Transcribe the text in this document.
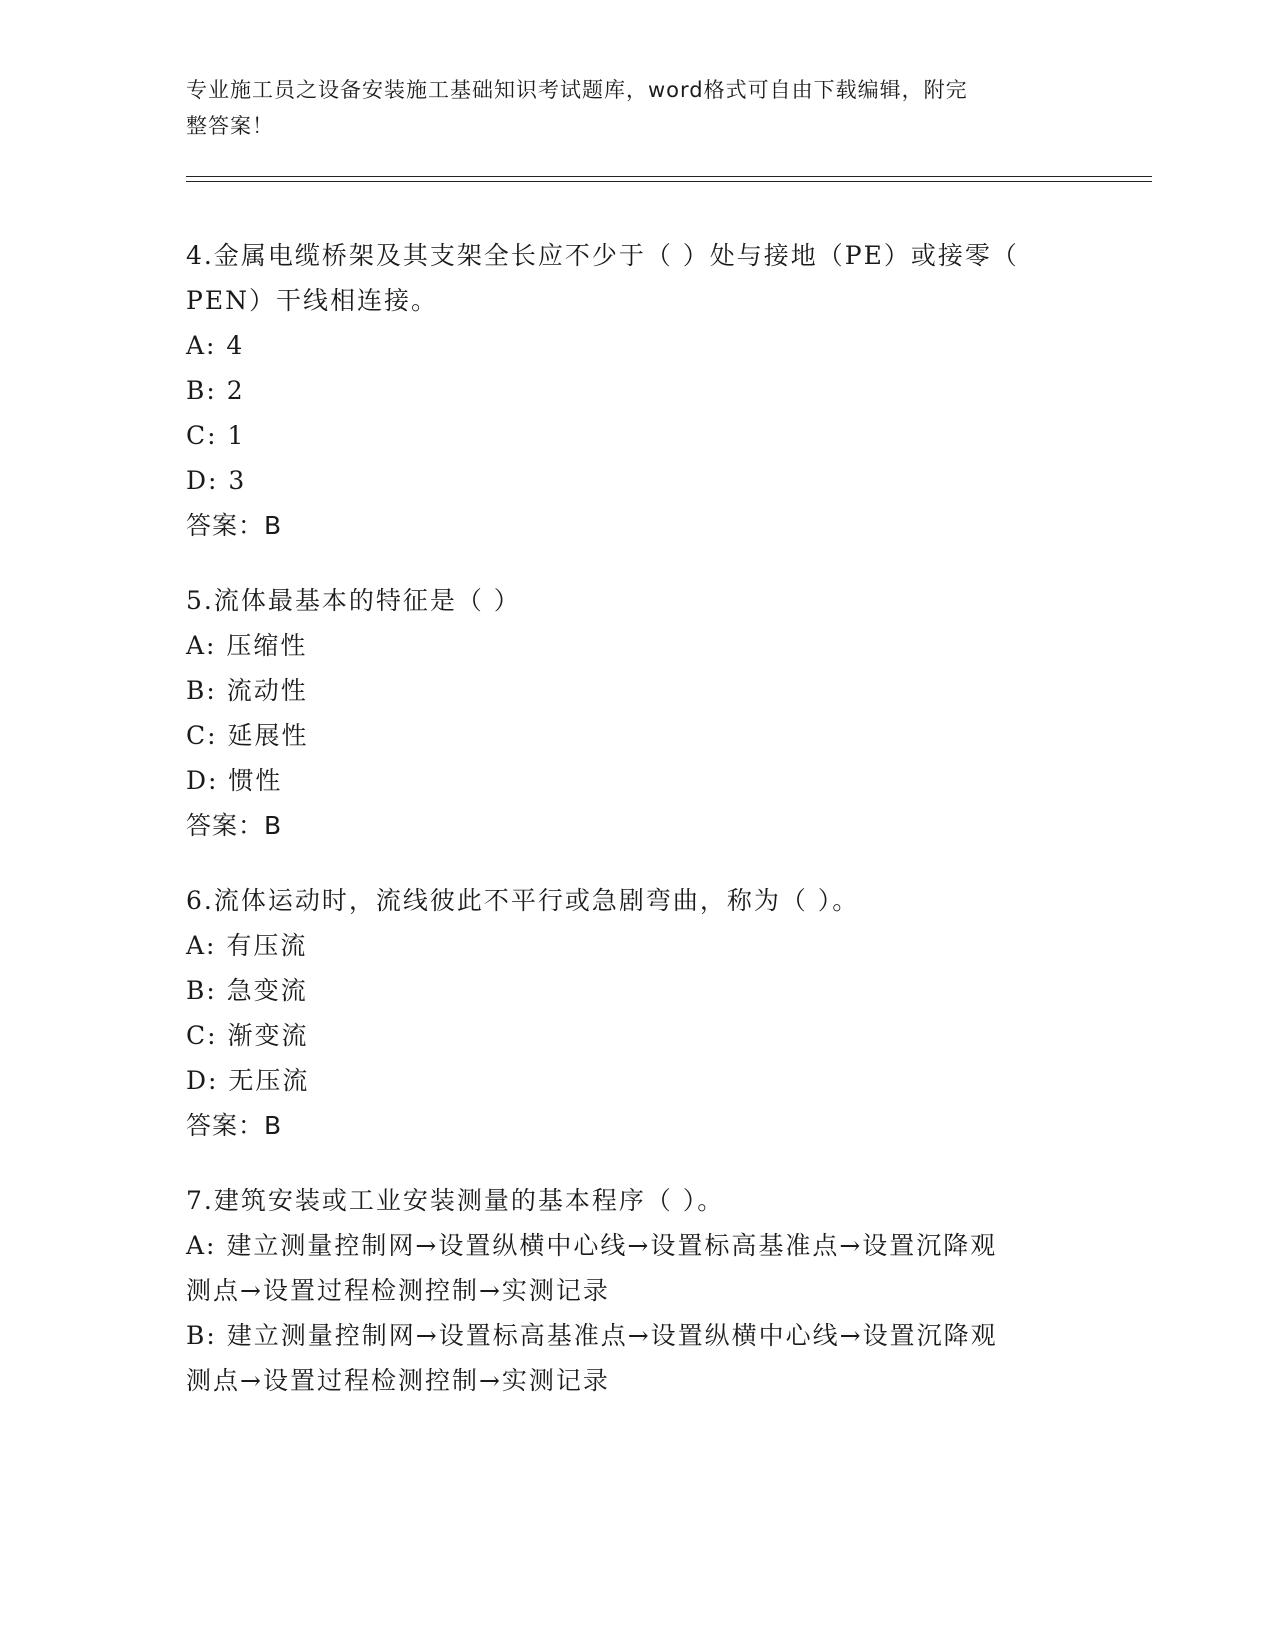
专业施工员之设备安装施工基础知识考试题库，word格式可自由下载编辑，附完
整答案！
4.金属电缆桥架及其支架全长应不少于（ ）处与接地（PE）或接零（
PEN）干线相连接。
A: 4
B: 2
C: 1
D: 3
答案：B
5.流体最基本的特征是（ ）
A: 压缩性
B: 流动性
C: 延展性
D: 惯性
答案：B
6.流体运动时，流线彼此不平行或急剧弯曲，称为（ ）。
A: 有压流
B: 急变流
C: 渐变流
D: 无压流
答案：B
7.建筑安装或工业安装测量的基本程序（ ）。
A: 建立测量控制网→设置纵横中心线→设置标高基准点→设置沉降观
测点→设置过程检测控制→实测记录
B: 建立测量控制网→设置标高基准点→设置纵横中心线→设置沉降观
测点→设置过程检测控制→实测记录
